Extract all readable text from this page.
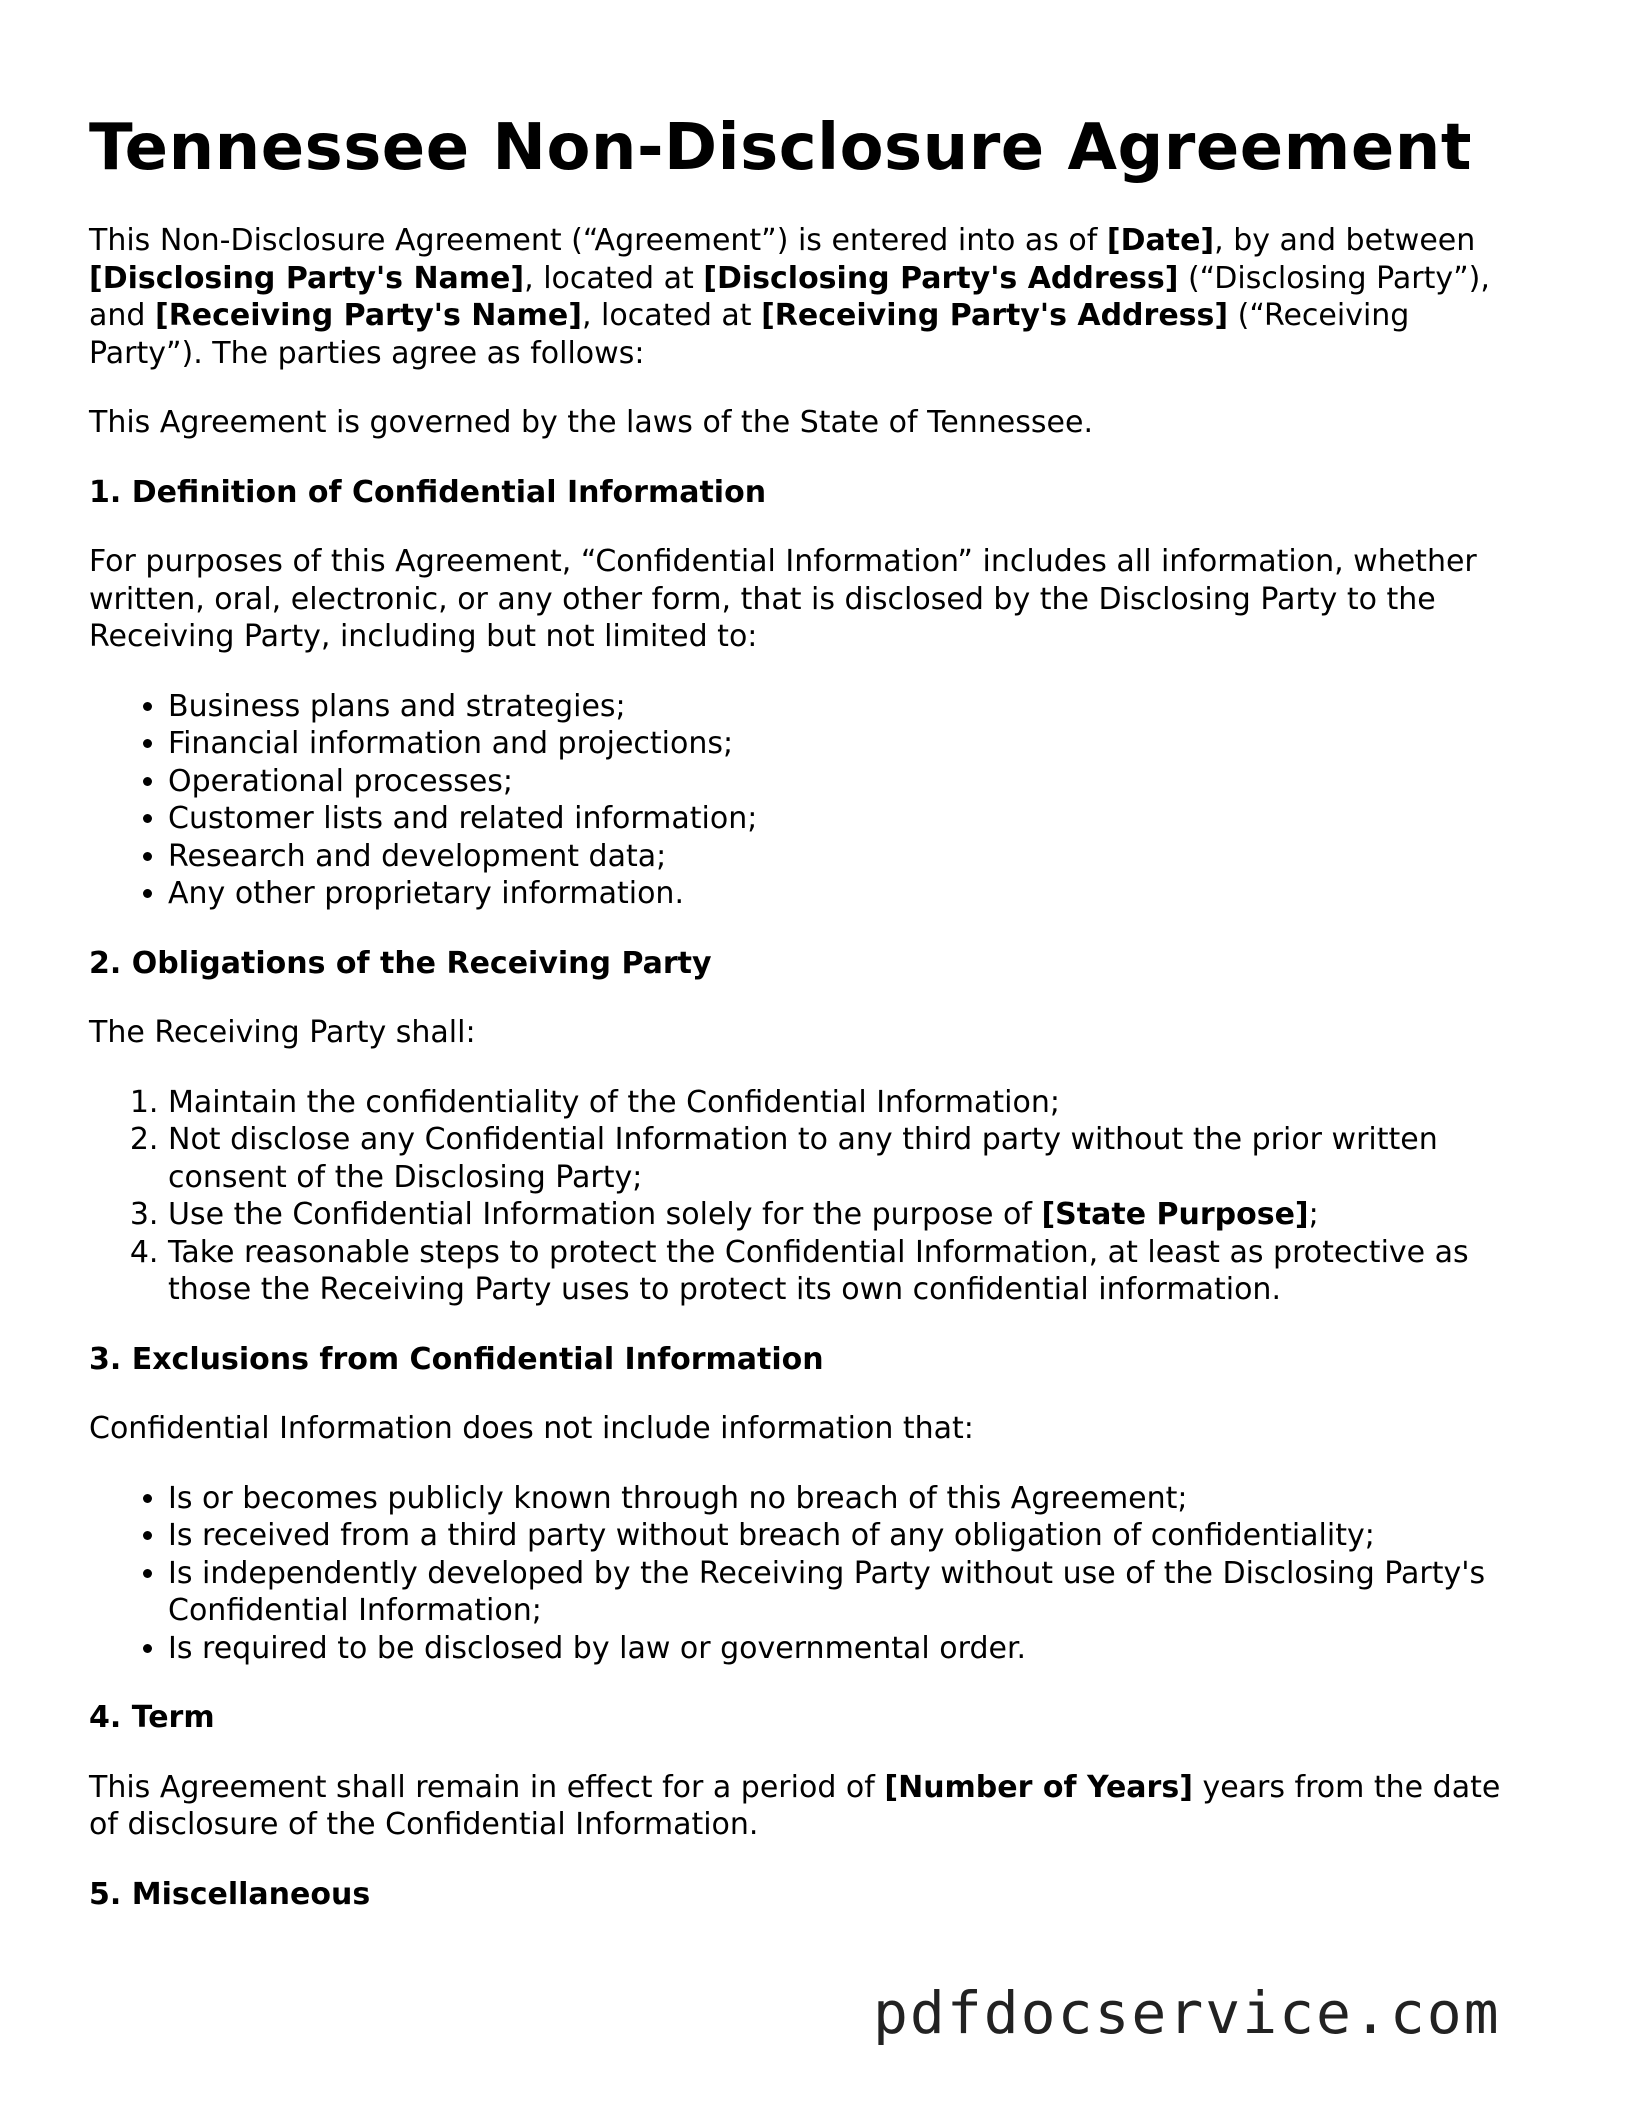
Tennessee Non-Disclosure Agreement

This Non-Disclosure Agreement (“Agreement”) is entered into as of [Date], by and between [Disclosing Party's Name], located at [Disclosing Party's Address] (“Disclosing Party”), and [Receiving Party's Name], located at [Receiving Party's Address] (“Receiving Party”). The parties agree as follows:

This Agreement is governed by the laws of the State of Tennessee.

1. Definition of Confidential Information

For purposes of this Agreement, “Confidential Information” includes all information, whether written, oral, electronic, or any other form, that is disclosed by the Disclosing Party to the Receiving Party, including but not limited to:

• Business plans and strategies;
• Financial information and projections;
• Operational processes;
• Customer lists and related information;
• Research and development data;
• Any other proprietary information.
2. Obligations of the Receiving Party

The Receiving Party shall:

1. Maintain the confidentiality of the Confidential Information;
2. Not disclose any Confidential Information to any third party without the prior written consent of the Disclosing Party;
3. Use the Confidential Information solely for the purpose of [State Purpose];
4. Take reasonable steps to protect the Confidential Information, at least as protective as those the Receiving Party uses to protect its own confidential information.
3. Exclusions from Confidential Information

Confidential Information does not include information that:

• Is or becomes publicly known through no breach of this Agreement;
• Is received from a third party without breach of any obligation of confidentiality;
• Is independently developed by the Receiving Party without use of the Disclosing Party's Confidential Information;
• Is required to be disclosed by law or governmental order.
4. Term

This Agreement shall remain in effect for a period of [Number of Years] years from the date of disclosure of the Confidential Information.

5. Miscellaneous
pdfdocservice.com
